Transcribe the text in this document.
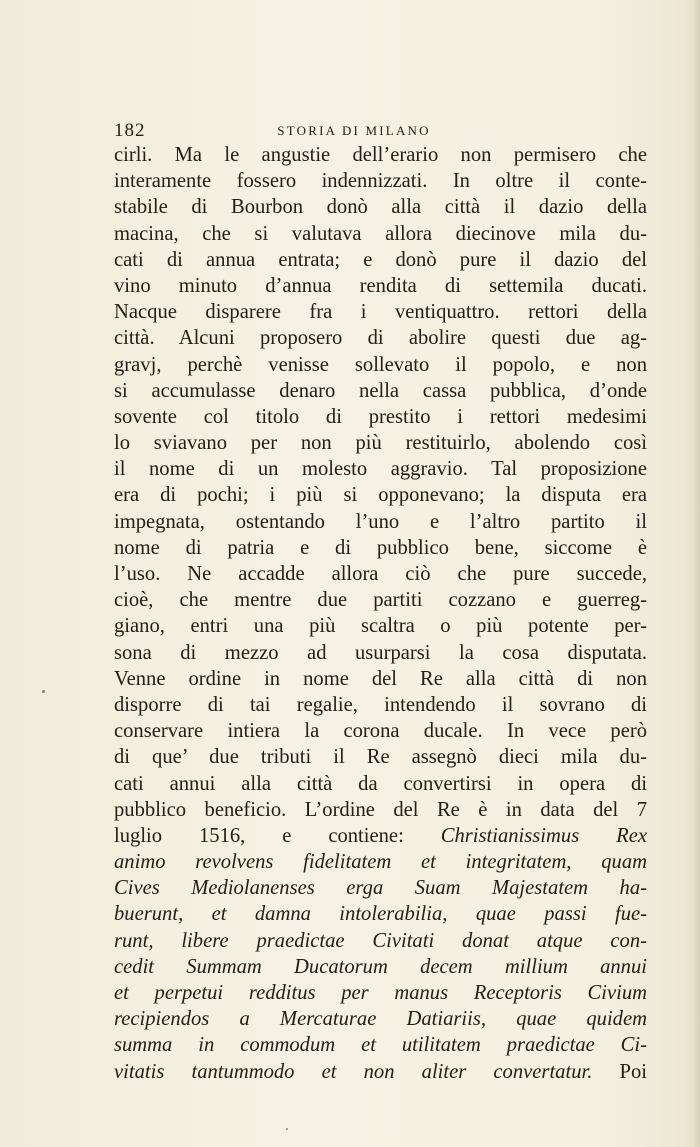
182	STORIA DI MILANO
cirli. Ma le angustie dell’erario non permisero che
interamente fossero indennizzati. In oltre il conte-
stabile di Bourbon donò alla città il dazio della
macina, che si valutava allora diecinove mila du-
cati di annua entrata; e donò pure il dazio del
vino minuto d’annua rendita di settemila ducati.
Nacque disparere fra i ventiquattro. rettori della
città. Alcuni proposero di abolire questi due ag-
gravj, perchè venisse sollevato il popolo, e non
si accumulasse denaro nella cassa pubblica, d’onde
sovente col titolo di prestito i rettori medesimi
lo sviavano per non più restituirlo, abolendo così
il nome di un molesto aggravio. Tal proposizione
era di pochi; i più si opponevano; la disputa era
impegnata, ostentando l’uno e l’altro partito il
nome di patria e di pubblico bene, siccome è
l’uso. Ne accadde allora ciò che pure succede,
cioè, che mentre due partiti cozzano e guerreg-
giano, entri una più scaltra o più potente per-
sona di mezzo ad usurparsi la cosa disputata.
Venne ordine in nome del Re alla città di non
disporre di tai regalie, intendendo il sovrano di
conservare intiera la corona ducale. In vece però
di que’ due tributi il Re assegnò dieci mila du-
cati annui alla città da convertirsi in opera di
pubblico beneficio. L’ordine del Re è in data del 7
luglio 1516, e contiene: Christianissimus Rex
animo revolvens fidelitatem et integritatem, quam
Cives Mediolanenses erga Suam Majestatem ha-
buerunt, et damna intolerabilia, quae passi fue-
runt, libere praedictae Civitati donat atque con-
cedit Summam Ducatorum decem millium annui
et perpetui redditus per manus Receptoris Civium
recipiendos a Mercaturae Datiariis, quae quidem
summa in commodum et utilitatem praedictae Ci-
vitatis tantummodo et non aliter convertatur. Poi
